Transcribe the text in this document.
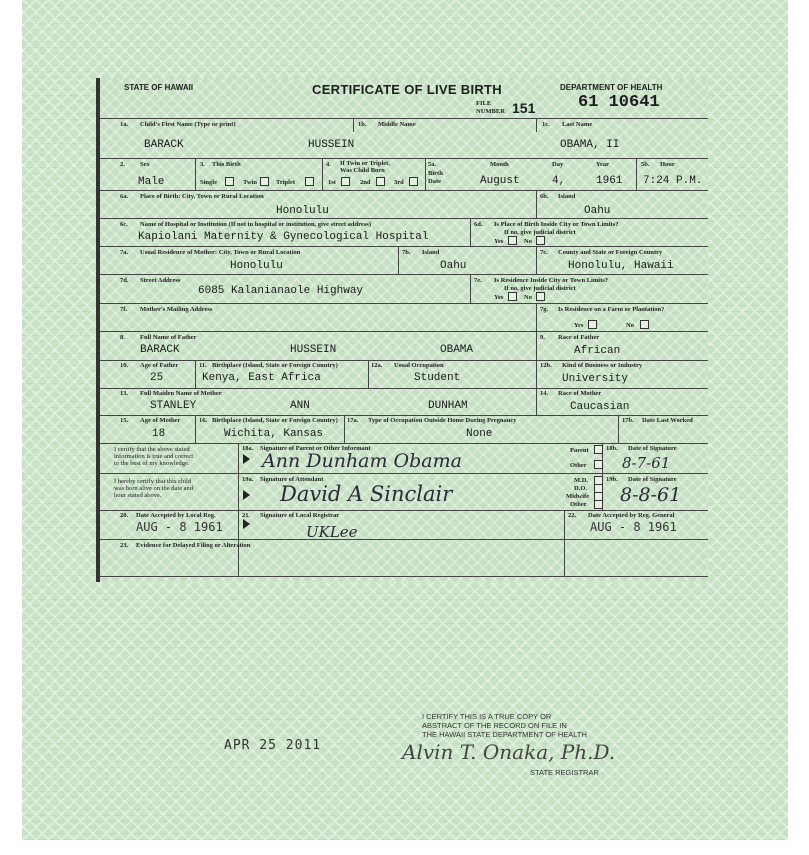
STATE OF HAWAII	CERTIFICATE OF LIVE BIRTH
FILE
NUMBER 151
DEPARTMENT OF HEALTH
61 10641
1a. Child's First Name (Type or print)	1b. Middle Name	1c. Last Name
BARACK	HUSSEIN	OBAMA, II
2. Sex
Male
3. This Birth
Single	Twin	Triplet
4. If Twin or Triplet,
Was Child Born
1st	2nd	3rd
5a.
Birth
Date
Month	Day	Year
August	4,	1961
5b. Hour
7:24 P.M.
6a. Place of Birth: City, Town or Rural Location
Honolulu
6b. Island
Oahu
6c. Name of Hospital or Institution (If not in hospital or institution, give street address)
Kapiolani Maternity & Gynecological Hospital
6d. Is Place of Birth Inside City or Town Limits?
If no, give judicial district
Yes	No
7a. Usual Residence of Mother: City, Town or Rural Location
Honolulu
7b. Island
Oahu
7c. County and State or Foreign Country
Honolulu, Hawaii
7d. Street Address
6085 Kalanianaole Highway
7e. Is Residence Inside City or Town Limits?
If no, give judicial district
Yes	No
7f. Mother's Mailing Address	7g. Is Residence on a Farm or Plantation?
Yes	No
8. Full Name of Father
BARACK	HUSSEIN	OBAMA
9. Race of Father
African
10. Age of Father
25
11. Birthplace (Island, State or Foreign Country)
Kenya, East Africa
12a. Usual Occupation
Student
12b. Kind of Business or Industry
University
13. Full Maiden Name of Mother
STANLEY	ANN	DUNHAM
14. Race of Mother
Caucasian
15. Age of Mother
18
16. Birthplace (Island, State or Foreign Country)
Wichita, Kansas
17a. Type of Occupation Outside Home During Pregnancy
None
17b. Date Last Worked
I certify that the above stated
information is true and correct
to the best of my knowledge.
18a. Signature of Parent or Other Informant
Ann Dunham Obama	Parent
Other
18b. Date of Signature
8-7-61
I hereby certify that this child
was born alive on the date and
hour stated above.
19a. Signature of Attendant
David A Sinclair
M.D.
D.O.
Midwife
Other
19b. Date of Signature
8-8-61
20. Date Accepted by Local Reg.
AUG - 8 1961
21. Signature of Local Registrar
UKLee
22. Date Accepted by Reg. General
AUG - 8 1961
23. Evidence for Delayed Filing or Alteration
APR 25 2011
I CERTIFY THIS IS A TRUE COPY OR
ABSTRACT OF THE RECORD ON FILE IN
THE HAWAII STATE DEPARTMENT OF HEALTH
Alvin T. Onaka, Ph.D.
STATE REGISTRAR
